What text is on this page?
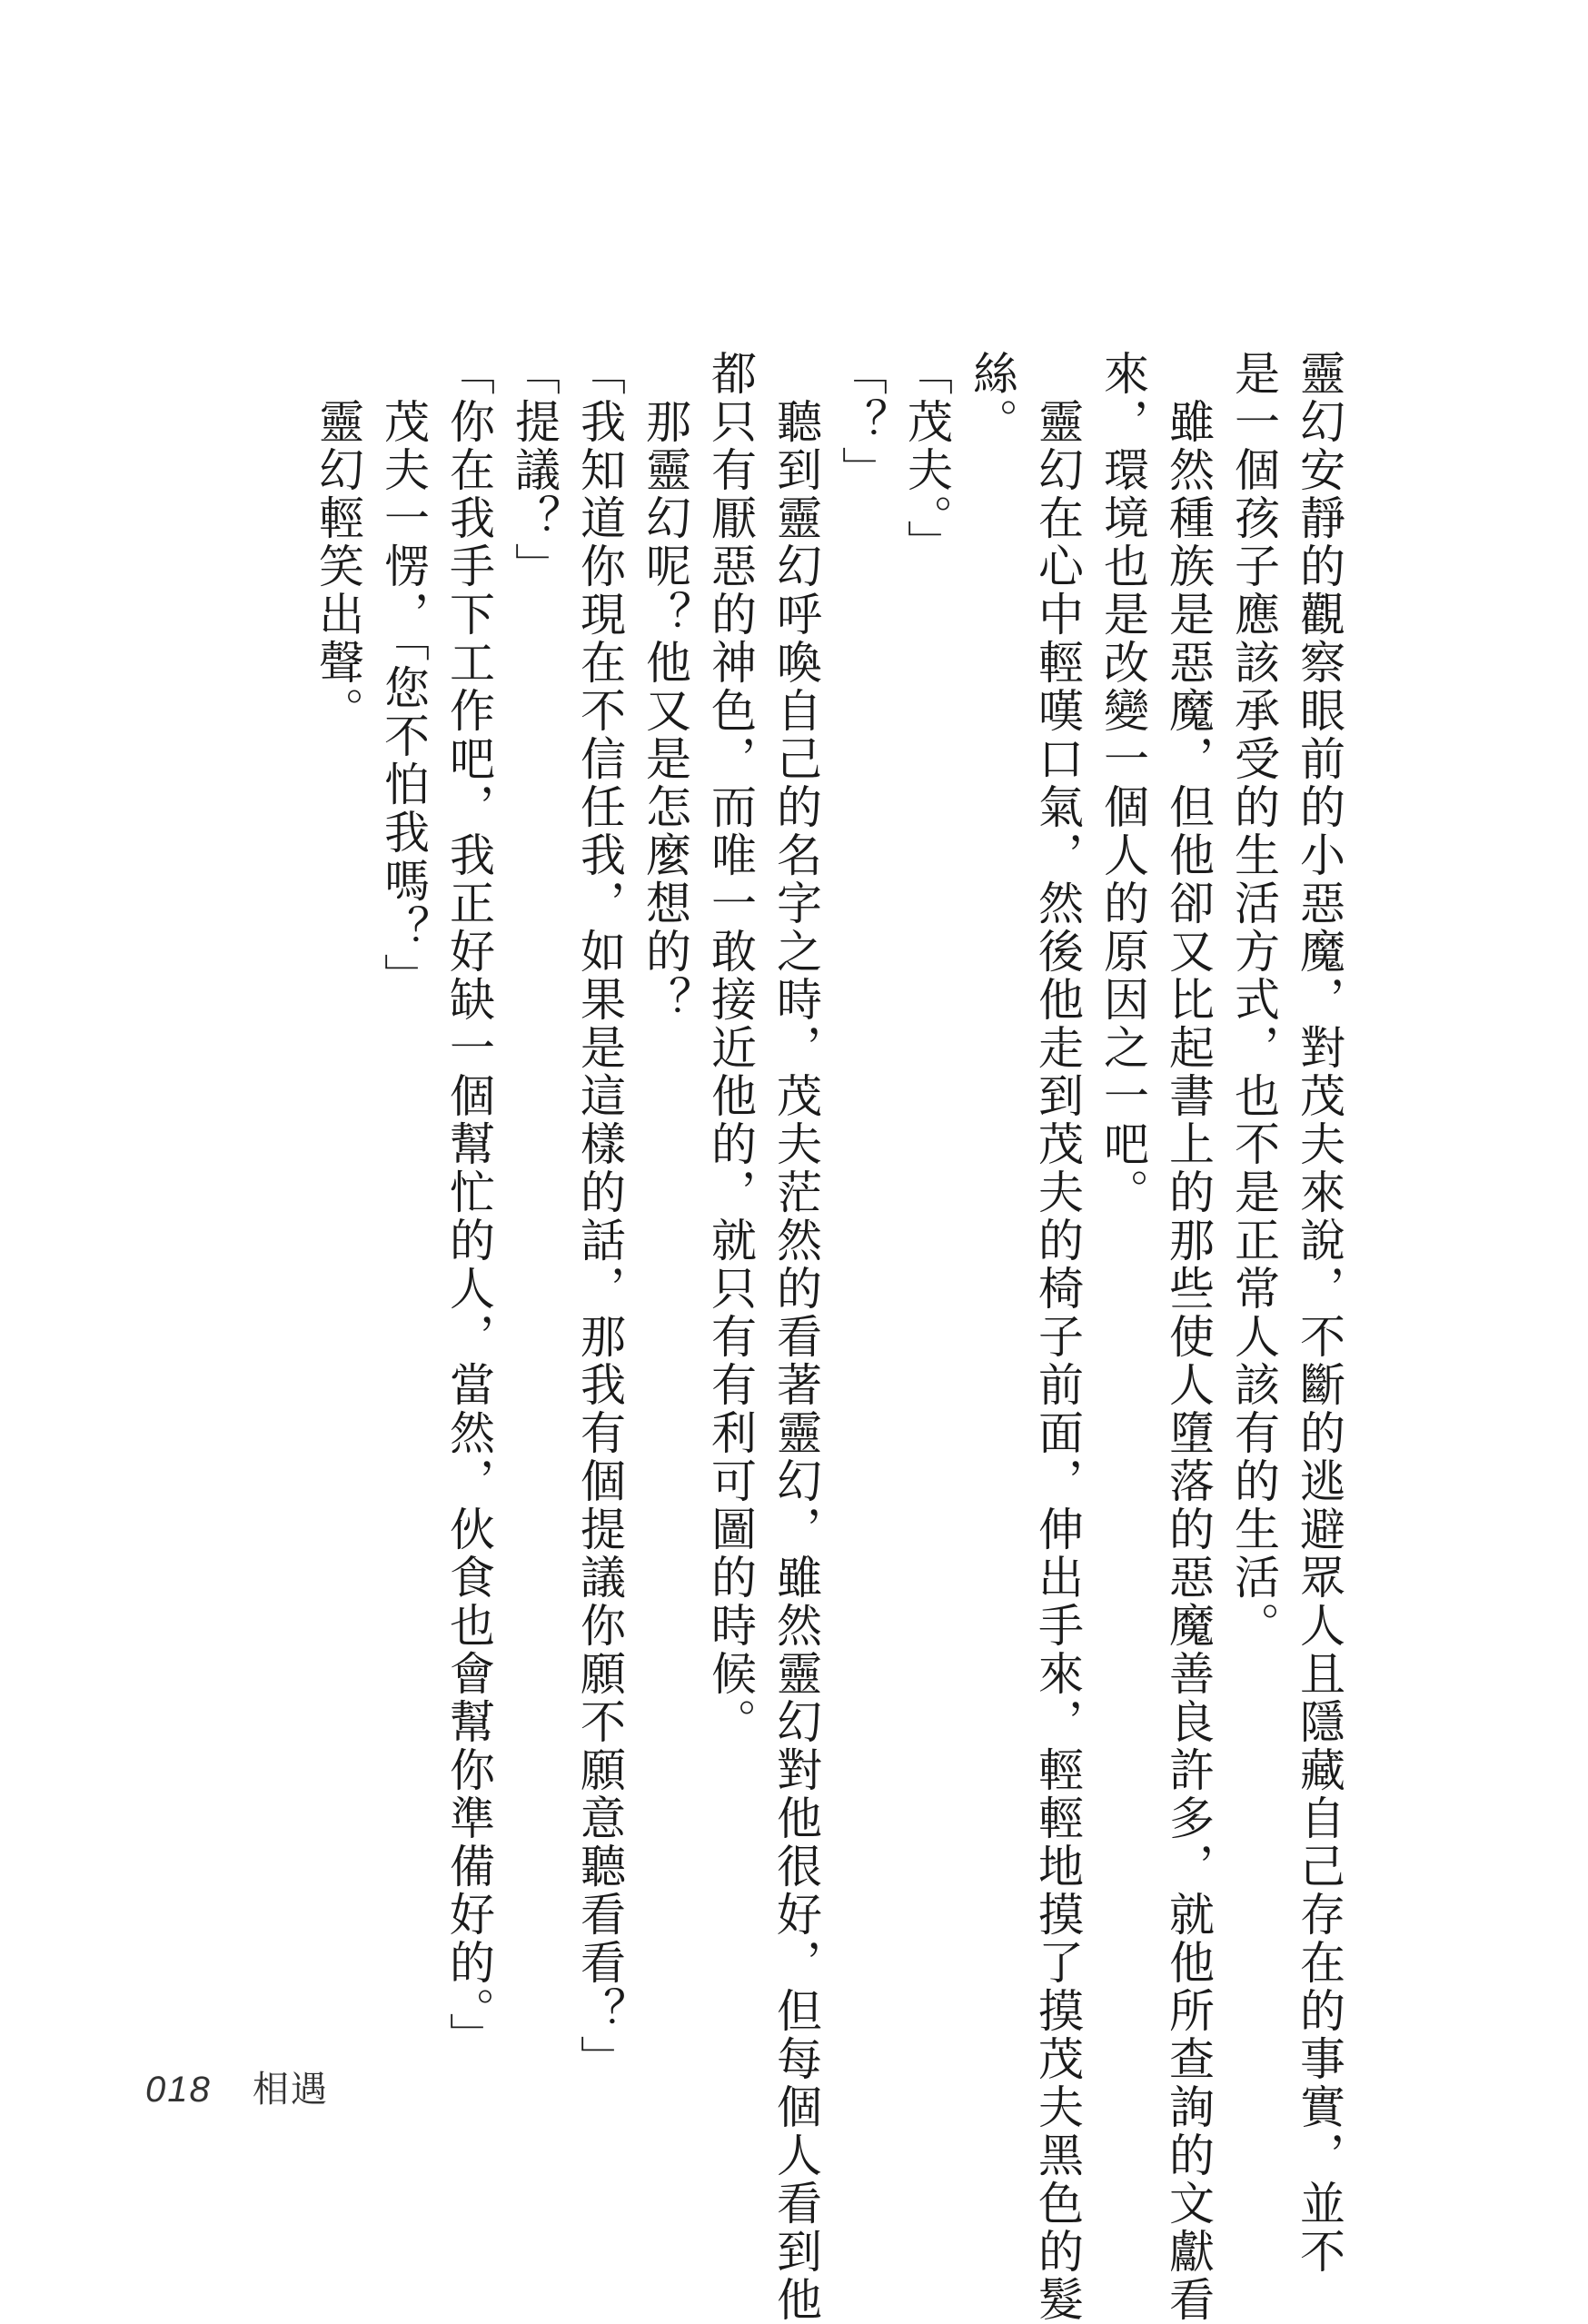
靈幻安靜的觀察眼前的小惡魔，對茂夫來說，不斷的逃避眾人且隱藏自己存在的事實，並不
是一個孩子應該承受的生活方式，也不是正常人該有的生活。
　雖然種族是惡魔，但他卻又比起書上的那些使人墮落的惡魔善良許多，就他所查詢的文獻看
來，環境也是改變一個人的原因之一吧。
　靈幻在心中輕嘆口氣，然後他走到茂夫的椅子前面，伸出手來，輕輕地摸了摸茂夫黑色的髮
絲。
「茂夫。」
「？」
　聽到靈幻呼喚自己的名字之時，茂夫茫然的看著靈幻，雖然靈幻對他很好，但每個人看到他
都只有厭惡的神色，而唯一敢接近他的，就只有有利可圖的時候。
　那靈幻呢？他又是怎麼想的？
「我知道你現在不信任我，如果是這樣的話，那我有個提議你願不願意聽看看？」
「提議？」
「你在我手下工作吧，我正好缺一個幫忙的人，當然，伙食也會幫你準備好的。」
　茂夫一愣，「您不怕我嗎？」
　靈幻輕笑出聲。
018 相遇
